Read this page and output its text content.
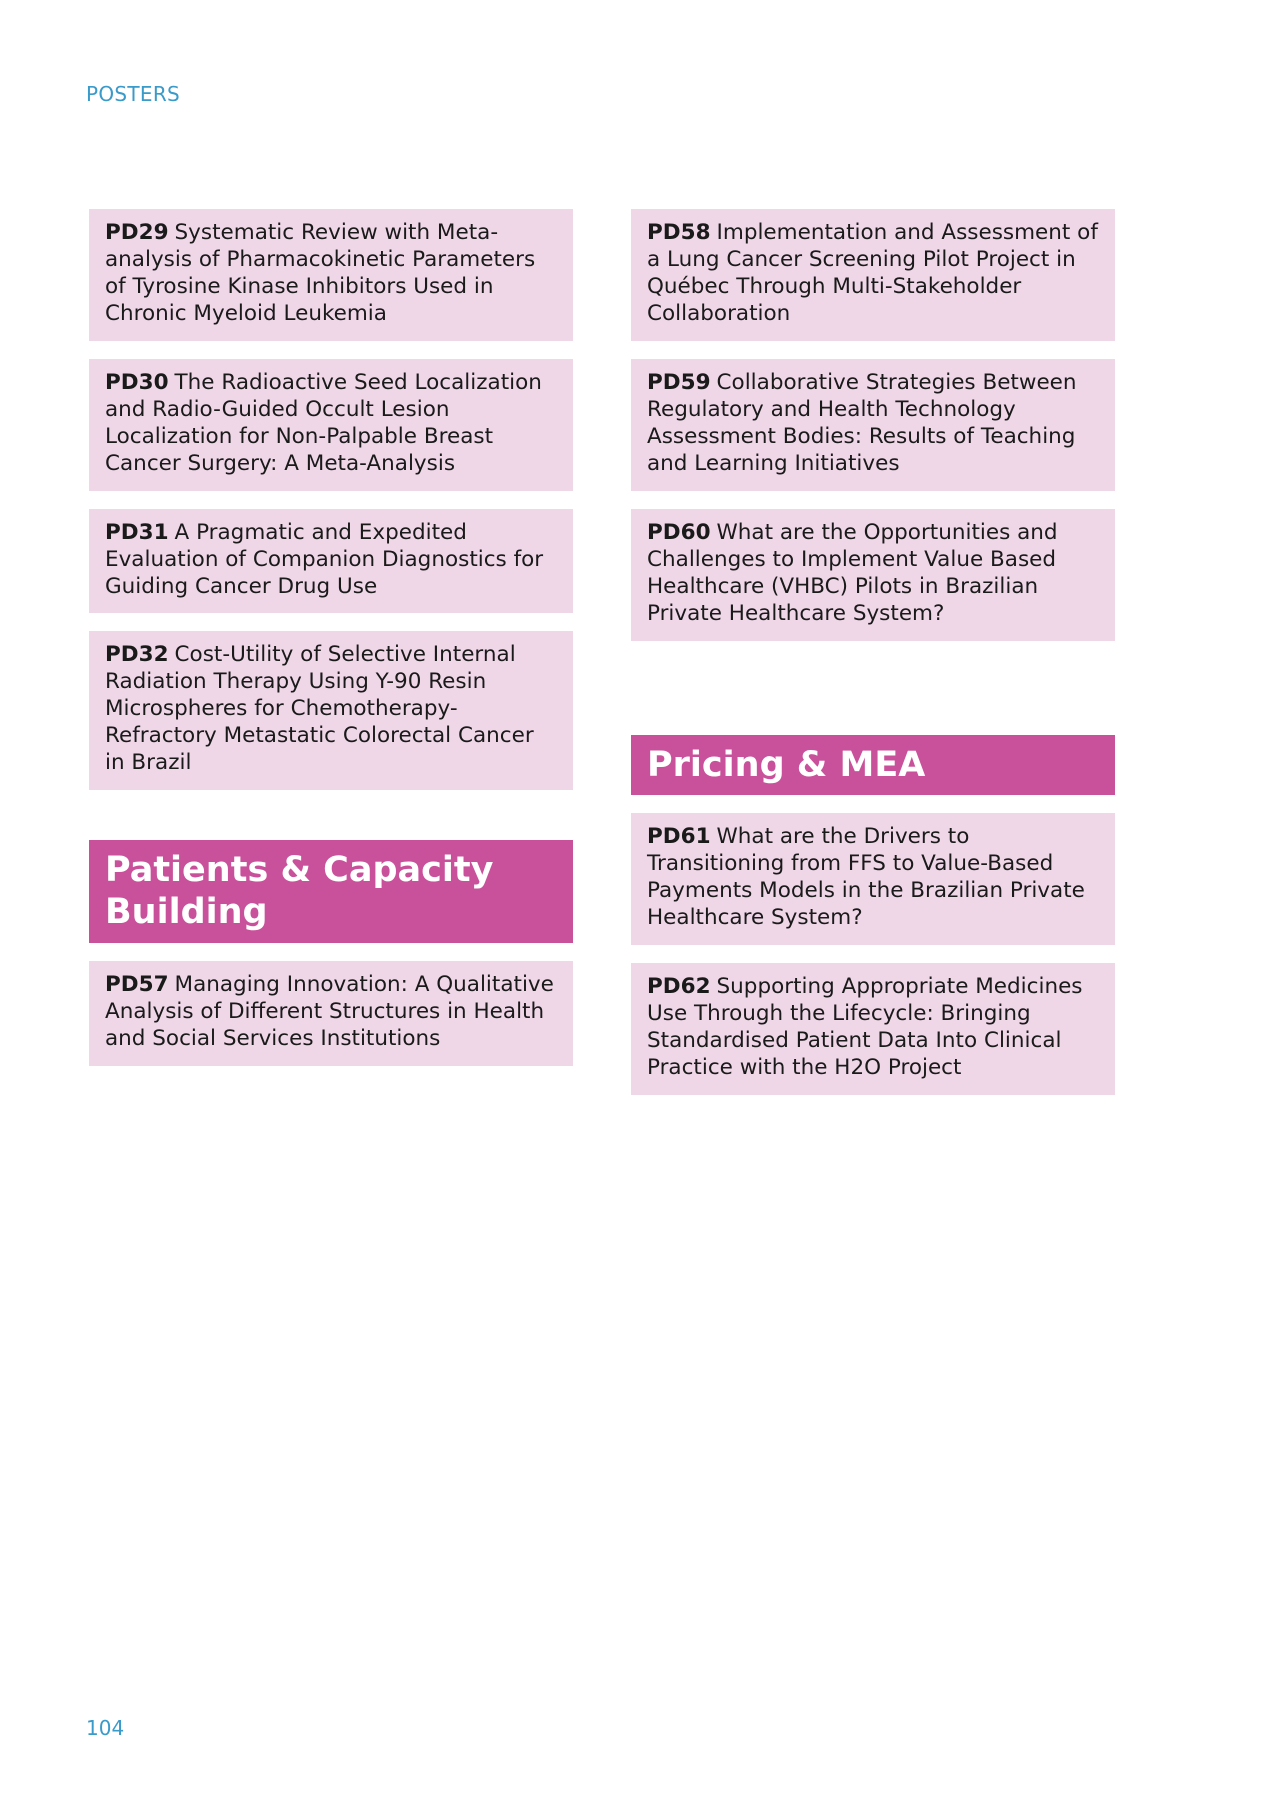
POSTERS
PD29 Systematic Review with Meta-analysis of Pharmacokinetic Parameters of Tyrosine Kinase Inhibitors Used in Chronic Myeloid Leukemia
PD30 The Radioactive Seed Localization and Radio-Guided Occult Lesion Localization for Non-Palpable Breast Cancer Surgery: A Meta-Analysis
PD31 A Pragmatic and Expedited Evaluation of Companion Diagnostics for Guiding Cancer Drug Use
PD32 Cost-Utility of Selective Internal Radiation Therapy Using Y-90 Resin Microspheres for Chemotherapy-Refractory Metastatic Colorectal Cancer in Brazil
Patients & Capacity Building
PD57 Managing Innovation: A Qualitative Analysis of Different Structures in Health and Social Services Institutions
PD58 Implementation and Assessment of a Lung Cancer Screening Pilot Project in Québec Through Multi-Stakeholder Collaboration
PD59 Collaborative Strategies Between Regulatory and Health Technology Assessment Bodies: Results of Teaching and Learning Initiatives
PD60 What are the Opportunities and Challenges to Implement Value Based Healthcare (VHBC) Pilots in Brazilian Private Healthcare System?
Pricing & MEA
PD61 What are the Drivers to Transitioning from FFS to Value-Based Payments Models in the Brazilian Private Healthcare System?
PD62 Supporting Appropriate Medicines Use Through the Lifecycle: Bringing Standardised Patient Data Into Clinical Practice with the H2O Project
104
